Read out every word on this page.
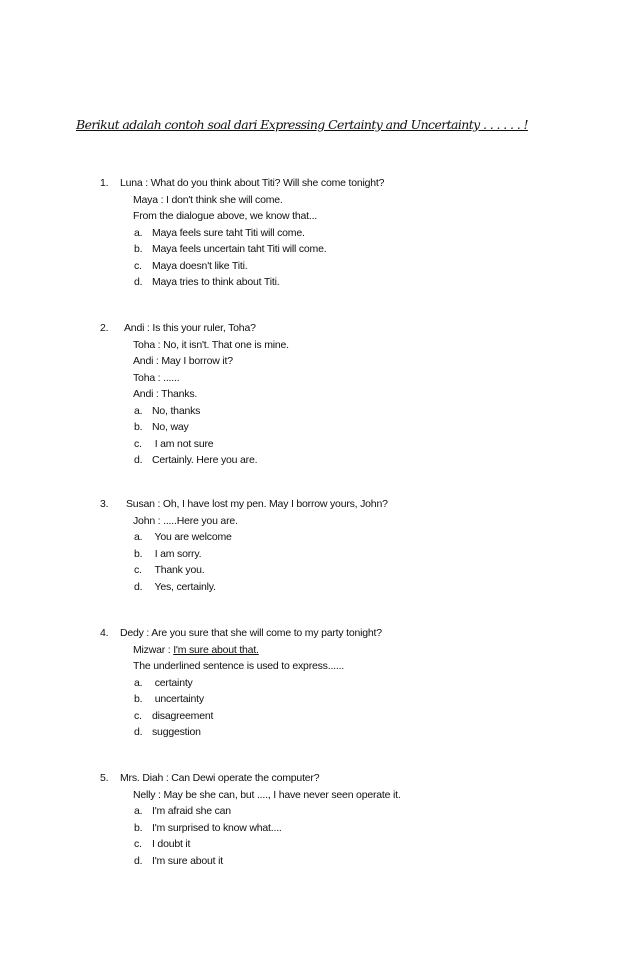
Berikut adalah contoh soal dari Expressing Certainty and Uncertainty . . . . . . !
1. Luna : What do you think about Titi? Will she come tonight?
Maya : I don't think she will come.
From the dialogue above, we know that...
a. Maya feels sure taht Titi will come.
b. Maya feels uncertain taht Titi will come.
c. Maya doesn't like Titi.
d. Maya tries to think about Titi.
2. Andi : Is this your ruler, Toha?
Toha : No, it isn't. That one is mine.
Andi : May I borrow it?
Toha : ......
Andi : Thanks.
a. No, thanks
b. No, way
c. I am not sure
d. Certainly. Here you are.
3. Susan : Oh, I have lost my pen. May I borrow yours, John?
John : .....Here you are.
a. You are welcome
b. I am sorry.
c. Thank you.
d. Yes, certainly.
4. Dedy : Are you sure that she will come to my party tonight?
Mizwar : I'm sure about that.
The underlined sentence is used to express......
a. certainty
b. uncertainty
c. disagreement
d. suggestion
5. Mrs. Diah : Can Dewi operate the computer?
Nelly : May be she can, but ...., I have never seen operate it.
a. I'm afraid she can
b. I'm surprised to know what....
c. I doubt it
d. I'm sure about it
